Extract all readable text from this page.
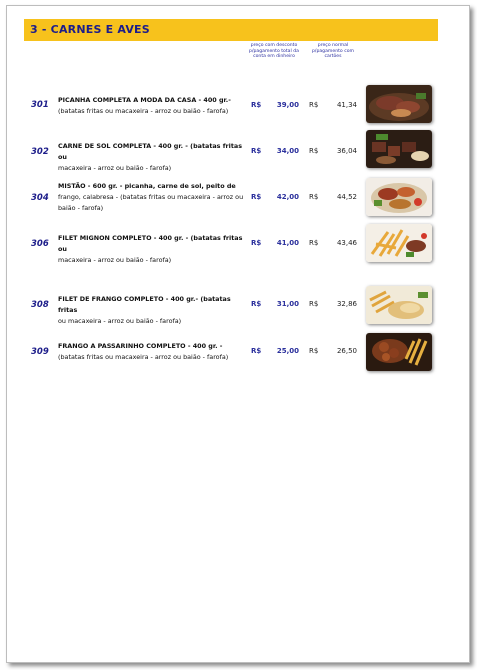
3 - CARNES E AVES
preço com desconto p/pagamento total da conta em dinheiro
preço normal p/pagamento com cartões
301 PICANHA COMPLETA A MODA DA CASA - 400 gr.-
(batatas fritas ou macaxeira - arroz ou baião - farofa)
R$	39,00 R$	41,34
302
CARNE DE SOL COMPLETA - 400 gr. - (batatas fritas ou
macaxeira - arroz ou baião - farofa)
R$	34,00 R$	36,04
304
MISTÃO - 600 gr. - picanha, carne de sol, peito de
frango, calabresa - (batatas fritas ou macaxeira - arroz ou baião - farofa)
R$	42,00 R$	44,52
306
FILET MIGNON COMPLETO - 400 gr. - (batatas fritas ou
macaxeira - arroz ou baião - farofa)
R$	41,00 R$	43,46
308
FILET DE FRANGO COMPLETO - 400 gr.- (batatas fritas
ou macaxeira - arroz ou baião - farofa)
R$	31,00 R$	32,86
309
FRANGO A PASSARINHO COMPLETO - 400 gr. -
(batatas fritas ou macaxeira - arroz ou baião - farofa)
R$	25,00 R$	26,50
